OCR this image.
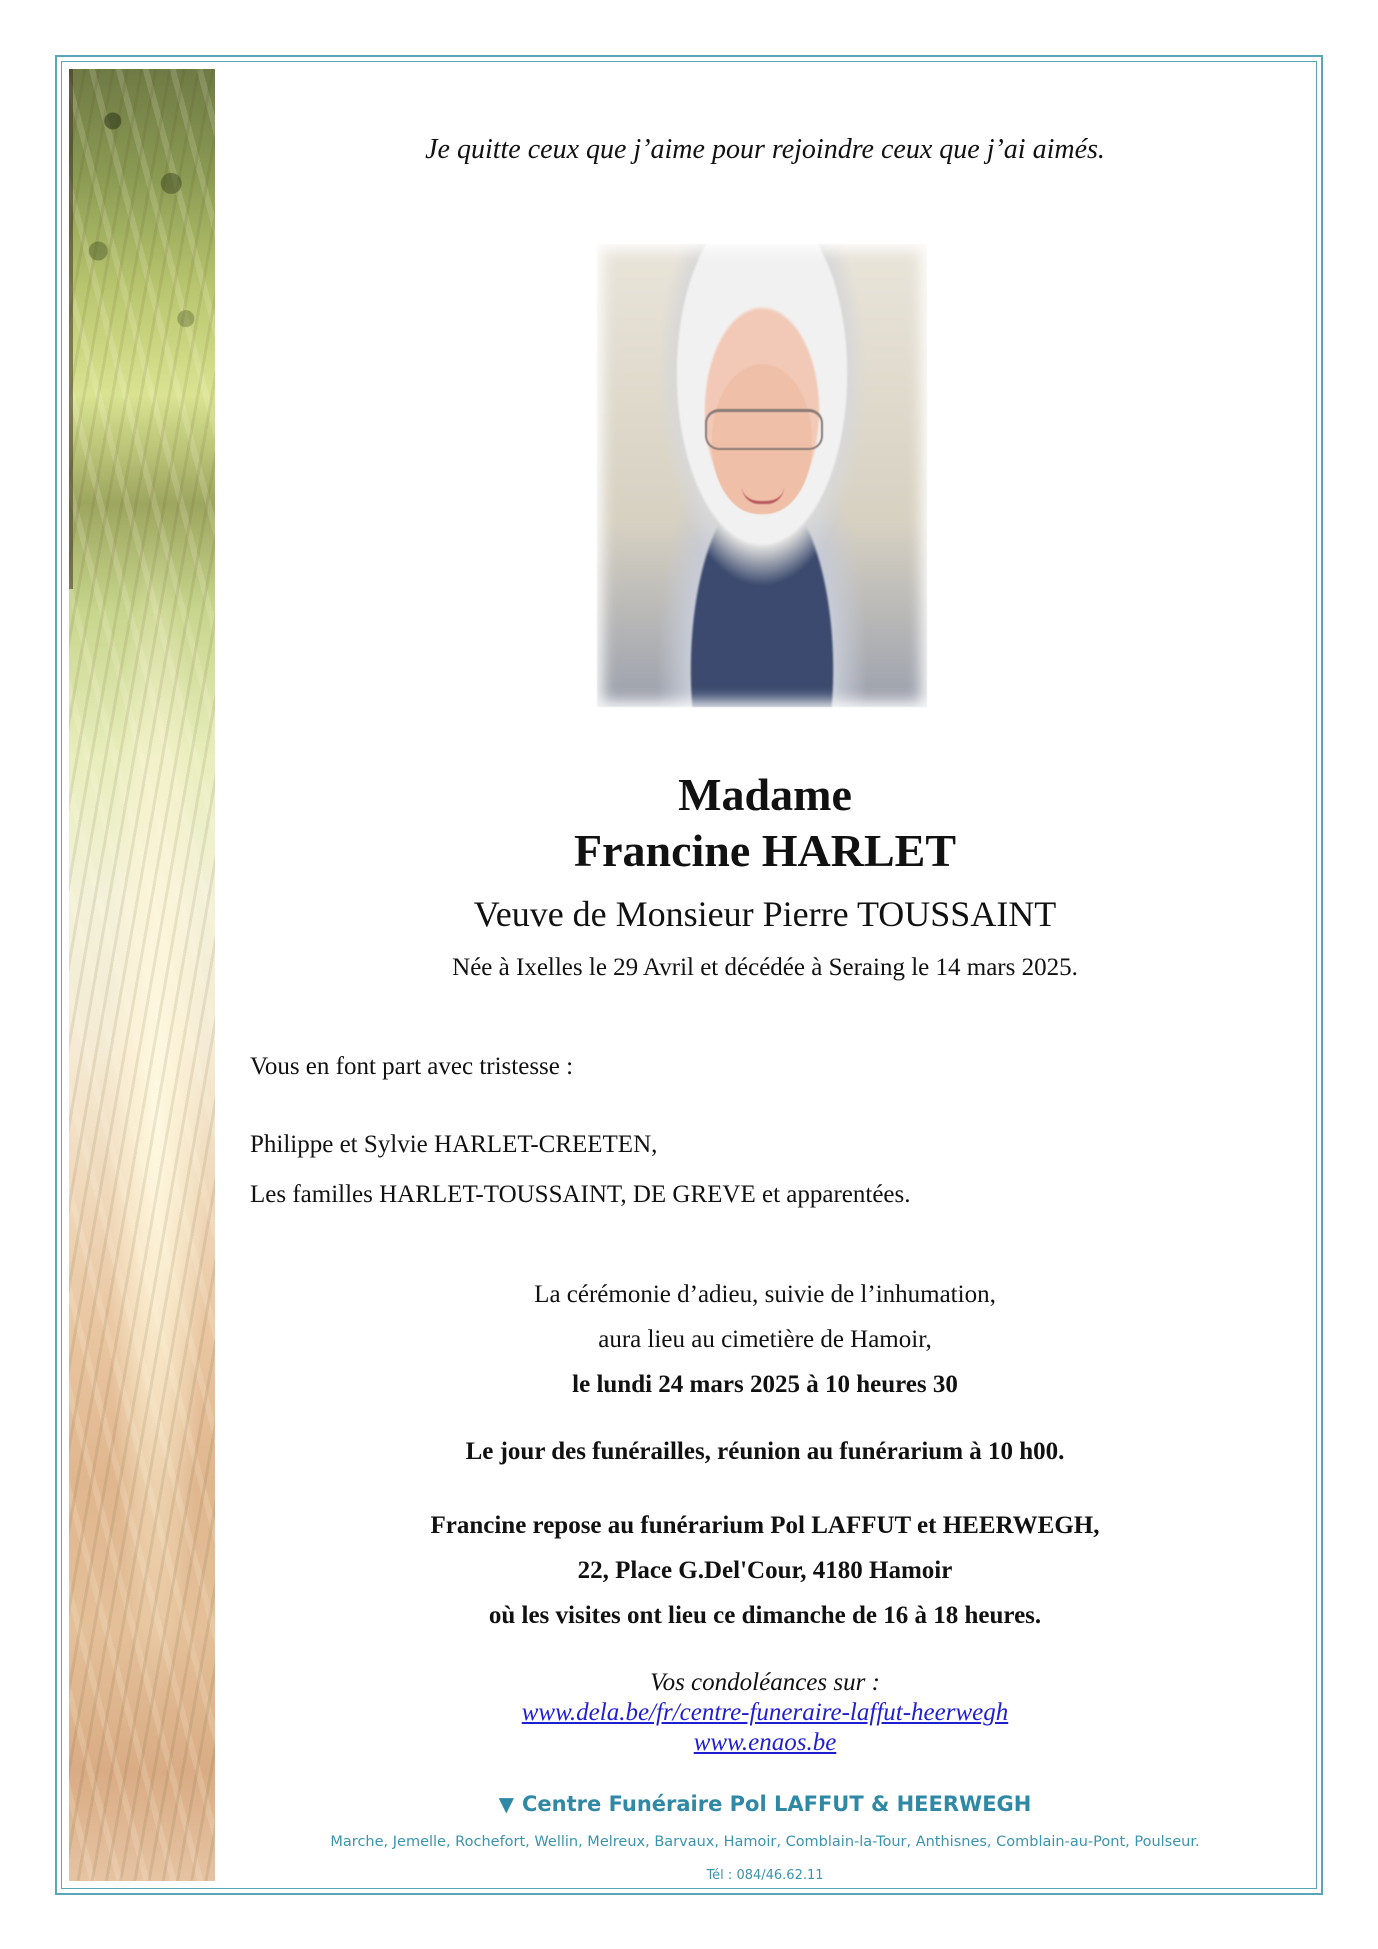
Je quitte ceux que j’aime pour rejoindre ceux que j’ai aimés.
Madame
Francine HARLET
Veuve de Monsieur Pierre TOUSSAINT
Née à Ixelles le 29 Avril et décédée à Seraing le 14 mars 2025.
Vous en font part avec tristesse :
Philippe et Sylvie HARLET-CREETEN,
Les familles HARLET-TOUSSAINT, DE GREVE et apparentées.
La cérémonie d’adieu, suivie de l’inhumation,
aura lieu au cimetière de Hamoir,
le lundi 24 mars 2025 à 10 heures 30
Le jour des funérailles, réunion au funérarium à 10 h00.
Francine repose au funérarium Pol LAFFUT et HEERWEGH,
22, Place G.Del'Cour, 4180 Hamoir
où les visites ont lieu ce dimanche de 16 à 18 heures.
Vos condoléances sur :
www.dela.be/fr/centre-funeraire-laffut-heerwegh
www.enaos.be
▼ Centre Funéraire Pol LAFFUT & HEERWEGH
Marche, Jemelle, Rochefort, Wellin, Melreux, Barvaux, Hamoir, Comblain-la-Tour, Anthisnes, Comblain-au-Pont, Poulseur.
Tél : 084/46.62.11
